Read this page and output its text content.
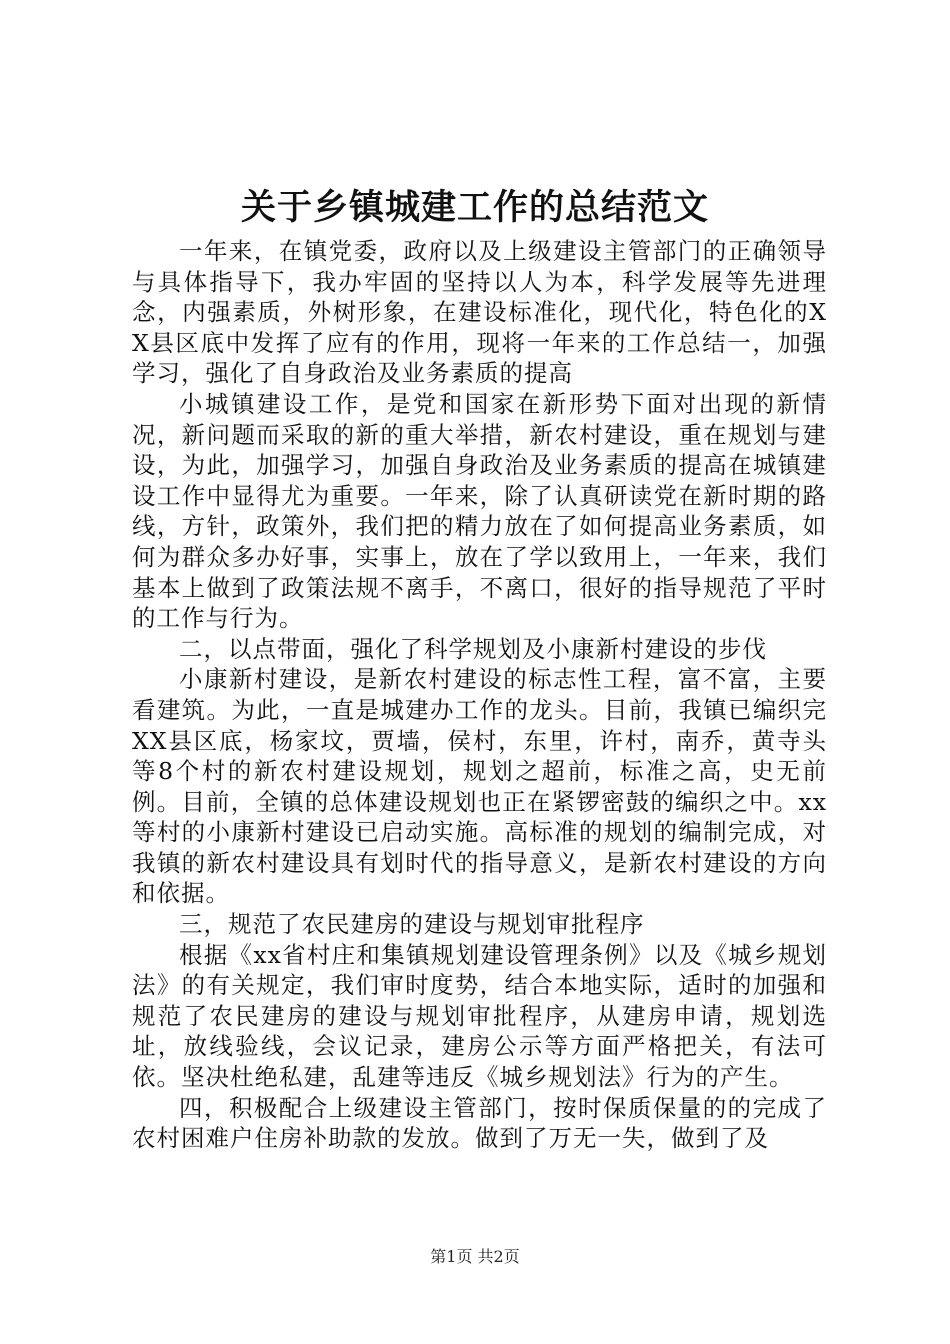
关于乡镇城建工作的总结范文

一年来，在镇党委，政府以及上级建设主管部门的正确领导与具体指导下，我办牢固的坚持以人为本，科学发展等先进理念，内强素质，外树形象，在建设标准化，现代化，特色化的XX县区底中发挥了应有的作用，现将一年来的工作总结一，加强学习，强化了自身政治及业务素质的提高

小城镇建设工作，是党和国家在新形势下面对出现的新情况，新问题而采取的新的重大举措，新农村建设，重在规划与建设，为此，加强学习，加强自身政治及业务素质的提高在城镇建设工作中显得尤为重要。一年来，除了认真研读党在新时期的路线，方针，政策外，我们把的精力放在了如何提高业务素质，如何为群众多办好事，实事上，放在了学以致用上，一年来，我们基本上做到了政策法规不离手，不离口，很好的指导规范了平时的工作与行为。

二，以点带面，强化了科学规划及小康新村建设的步伐

小康新村建设，是新农村建设的标志性工程，富不富，主要看建筑。为此，一直是城建办工作的龙头。目前，我镇已编织完XX县区底，杨家坟，贾墙，侯村，东里，许村，南乔，黄寺头等8个村的新农村建设规划，规划之超前，标准之高，史无前例。目前，全镇的总体建设规划也正在紧锣密鼓的编织之中。xx等村的小康新村建设已启动实施。高标准的规划的编制完成，对我镇的新农村建设具有划时代的指导意义，是新农村建设的方向和依据。

三，规范了农民建房的建设与规划审批程序

根据《xx省村庄和集镇规划建设管理条例》以及《城乡规划法》的有关规定，我们审时度势，结合本地实际，适时的加强和规范了农民建房的建设与规划审批程序，从建房申请，规划选址，放线验线，会议记录，建房公示等方面严格把关，有法可依。坚决杜绝私建，乱建等违反《城乡规划法》行为的产生。

四，积极配合上级建设主管部门，按时保质保量的的完成了农村困难户住房补助款的发放。做到了万无一失，做到了及

第1页 共2页
